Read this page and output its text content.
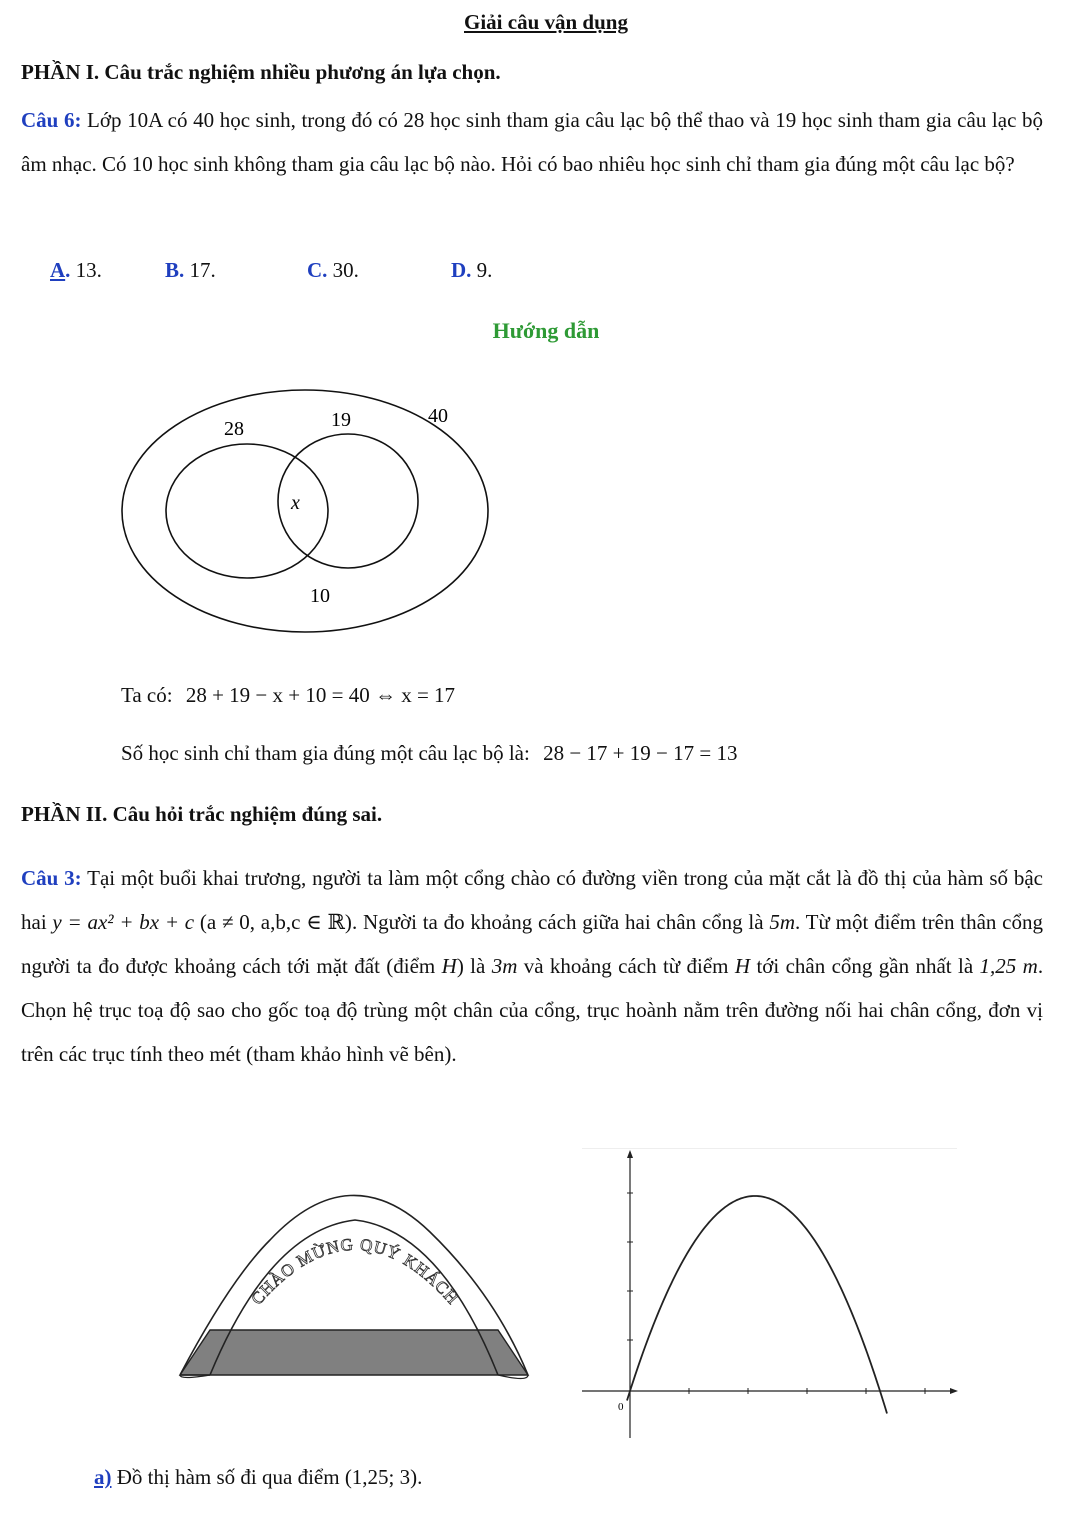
Giải câu vận dụng
PHẦN I. Câu trắc nghiệm nhiều phương án lựa chọn.
Câu 6: Lớp 10A có 40 học sinh, trong đó có 28 học sinh tham gia câu lạc bộ thể thao và 19 học sinh tham gia câu lạc bộ âm nhạc. Có 10 học sinh không tham gia câu lạc bộ nào. Hỏi có bao nhiêu học sinh chỉ tham gia đúng một câu lạc bộ?
A. 13.	B. 17.	C. 30.	D. 9.
Hướng dẫn
28	19	40
x
10
Ta có: 28 + 19 − x + 10 = 40 ⇔ x = 17
Số học sinh chỉ tham gia đúng một câu lạc bộ là: 28 − 17 + 19 − 17 = 13
PHẦN II. Câu hỏi trắc nghiệm đúng sai.
Câu 3: Tại một buổi khai trương, người ta làm một cổng chào có đường viền trong của mặt cắt là đồ thị của hàm số bậc hai y = ax² + bx + c (a ≠ 0, a,b,c ∈ ℝ). Người ta đo khoảng cách giữa hai chân cổng là 5m. Từ một điểm trên thân cổng người ta đo được khoảng cách tới mặt đất (điểm H) là 3m và khoảng cách từ điểm H tới chân cổng gần nhất là 1,25 m. Chọn hệ trục toạ độ sao cho gốc toạ độ trùng một chân của cổng, trục hoành nằm trên đường nối hai chân cổng, đơn vị trên các trục tính theo mét (tham khảo hình vẽ bên).
CHÀO MỪNG QUÝ KHÁCH
0
a) Đồ thị hàm số đi qua điểm (1,25; 3).
